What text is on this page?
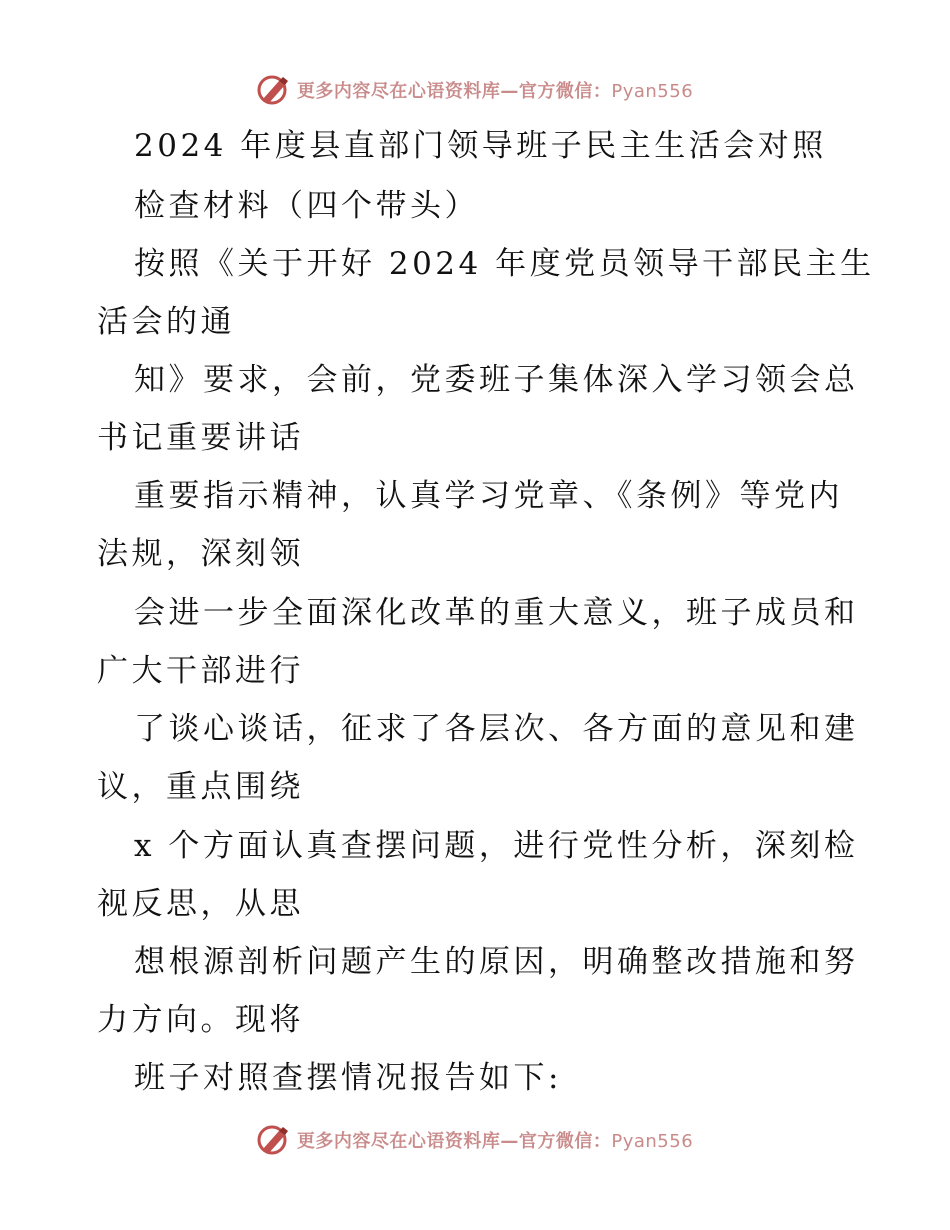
更多内容尽在心语资料库—官方微信：Pyan556
2024 年度县直部门领导班子民主生活会对照
检查材料（四个带头）
按照《关于开好 2024 年度党员领导干部民主生
活会的通
知》要求，会前，党委班子集体深入学习领会总
书记重要讲话
重要指示精神，认真学习党章、《条例》等党内
法规，深刻领
会进一步全面深化改革的重大意义，班子成员和
广大干部进行
了谈心谈话，征求了各层次、各方面的意见和建
议，重点围绕
x 个方面认真查摆问题，进行党性分析，深刻检
视反思，从思
想根源剖析问题产生的原因，明确整改措施和努
力方向。现将
班子对照查摆情况报告如下:
更多内容尽在心语资料库—官方微信：Pyan556
